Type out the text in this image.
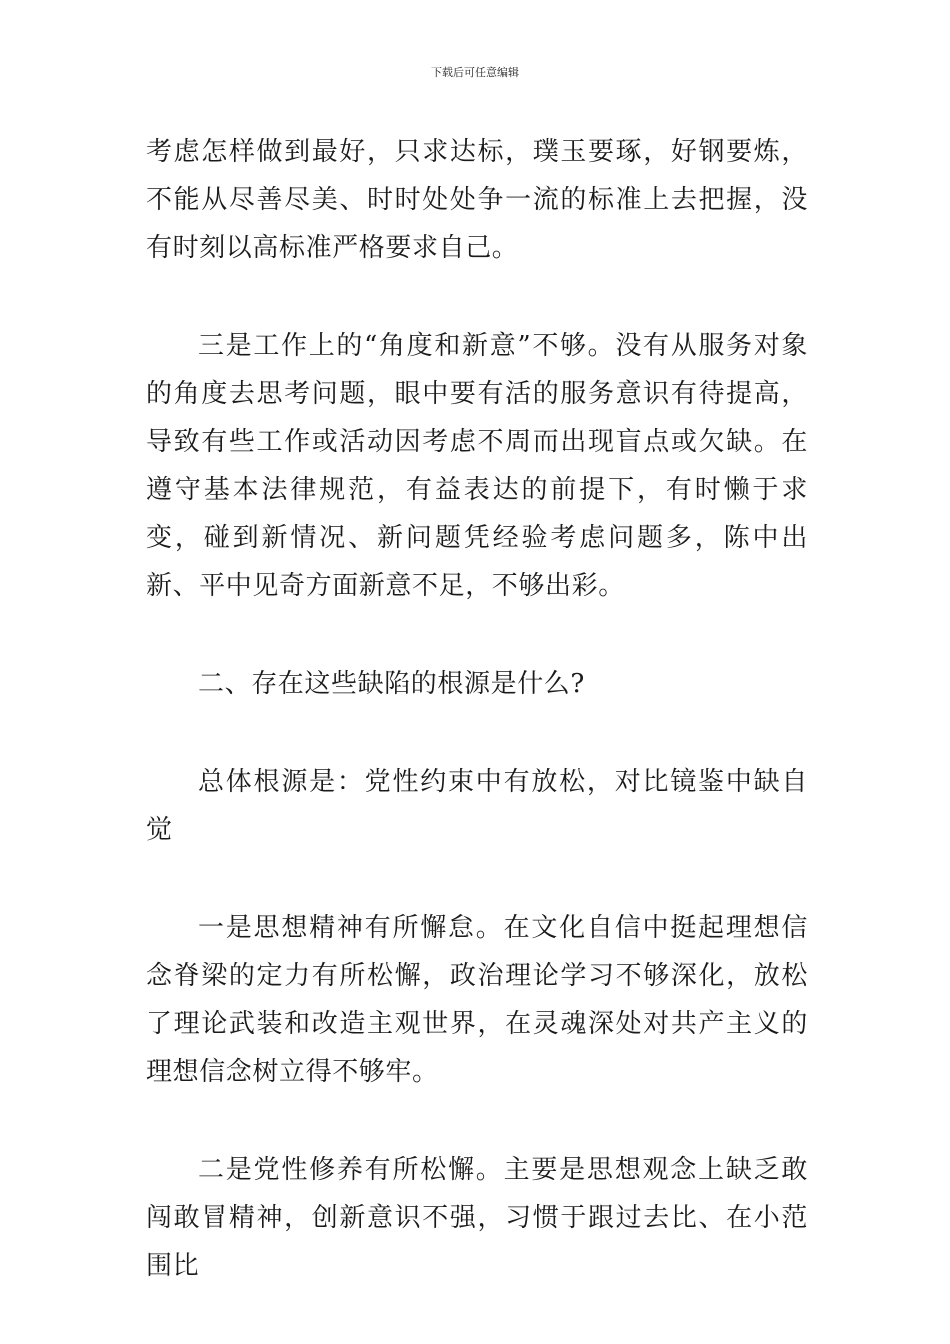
下载后可任意编辑

考虑怎样做到最好，只求达标，璞玉要琢，好钢要炼，不能从尽善尽美、时时处处争一流的标准上去把握，没有时刻以高标准严格要求自己。

三是工作上的“角度和新意”不够。没有从服务对象的角度去思考问题，眼中要有活的服务意识有待提高，导致有些工作或活动因考虑不周而出现盲点或欠缺。在遵守基本法律规范，有益表达的前提下，有时懒于求变，碰到新情况、新问题凭经验考虑问题多，陈中出新、平中见奇方面新意不足，不够出彩。

二、存在这些缺陷的根源是什么?

总体根源是：党性约束中有放松，对比镜鉴中缺自觉

一是思想精神有所懈怠。在文化自信中挺起理想信念脊梁的定力有所松懈，政治理论学习不够深化，放松了理论武装和改造主观世界，在灵魂深处对共产主义的理想信念树立得不够牢。

二是党性修养有所松懈。主要是思想观念上缺乏敢闯敢冒精神，创新意识不强，习惯于跟过去比、在小范围比
